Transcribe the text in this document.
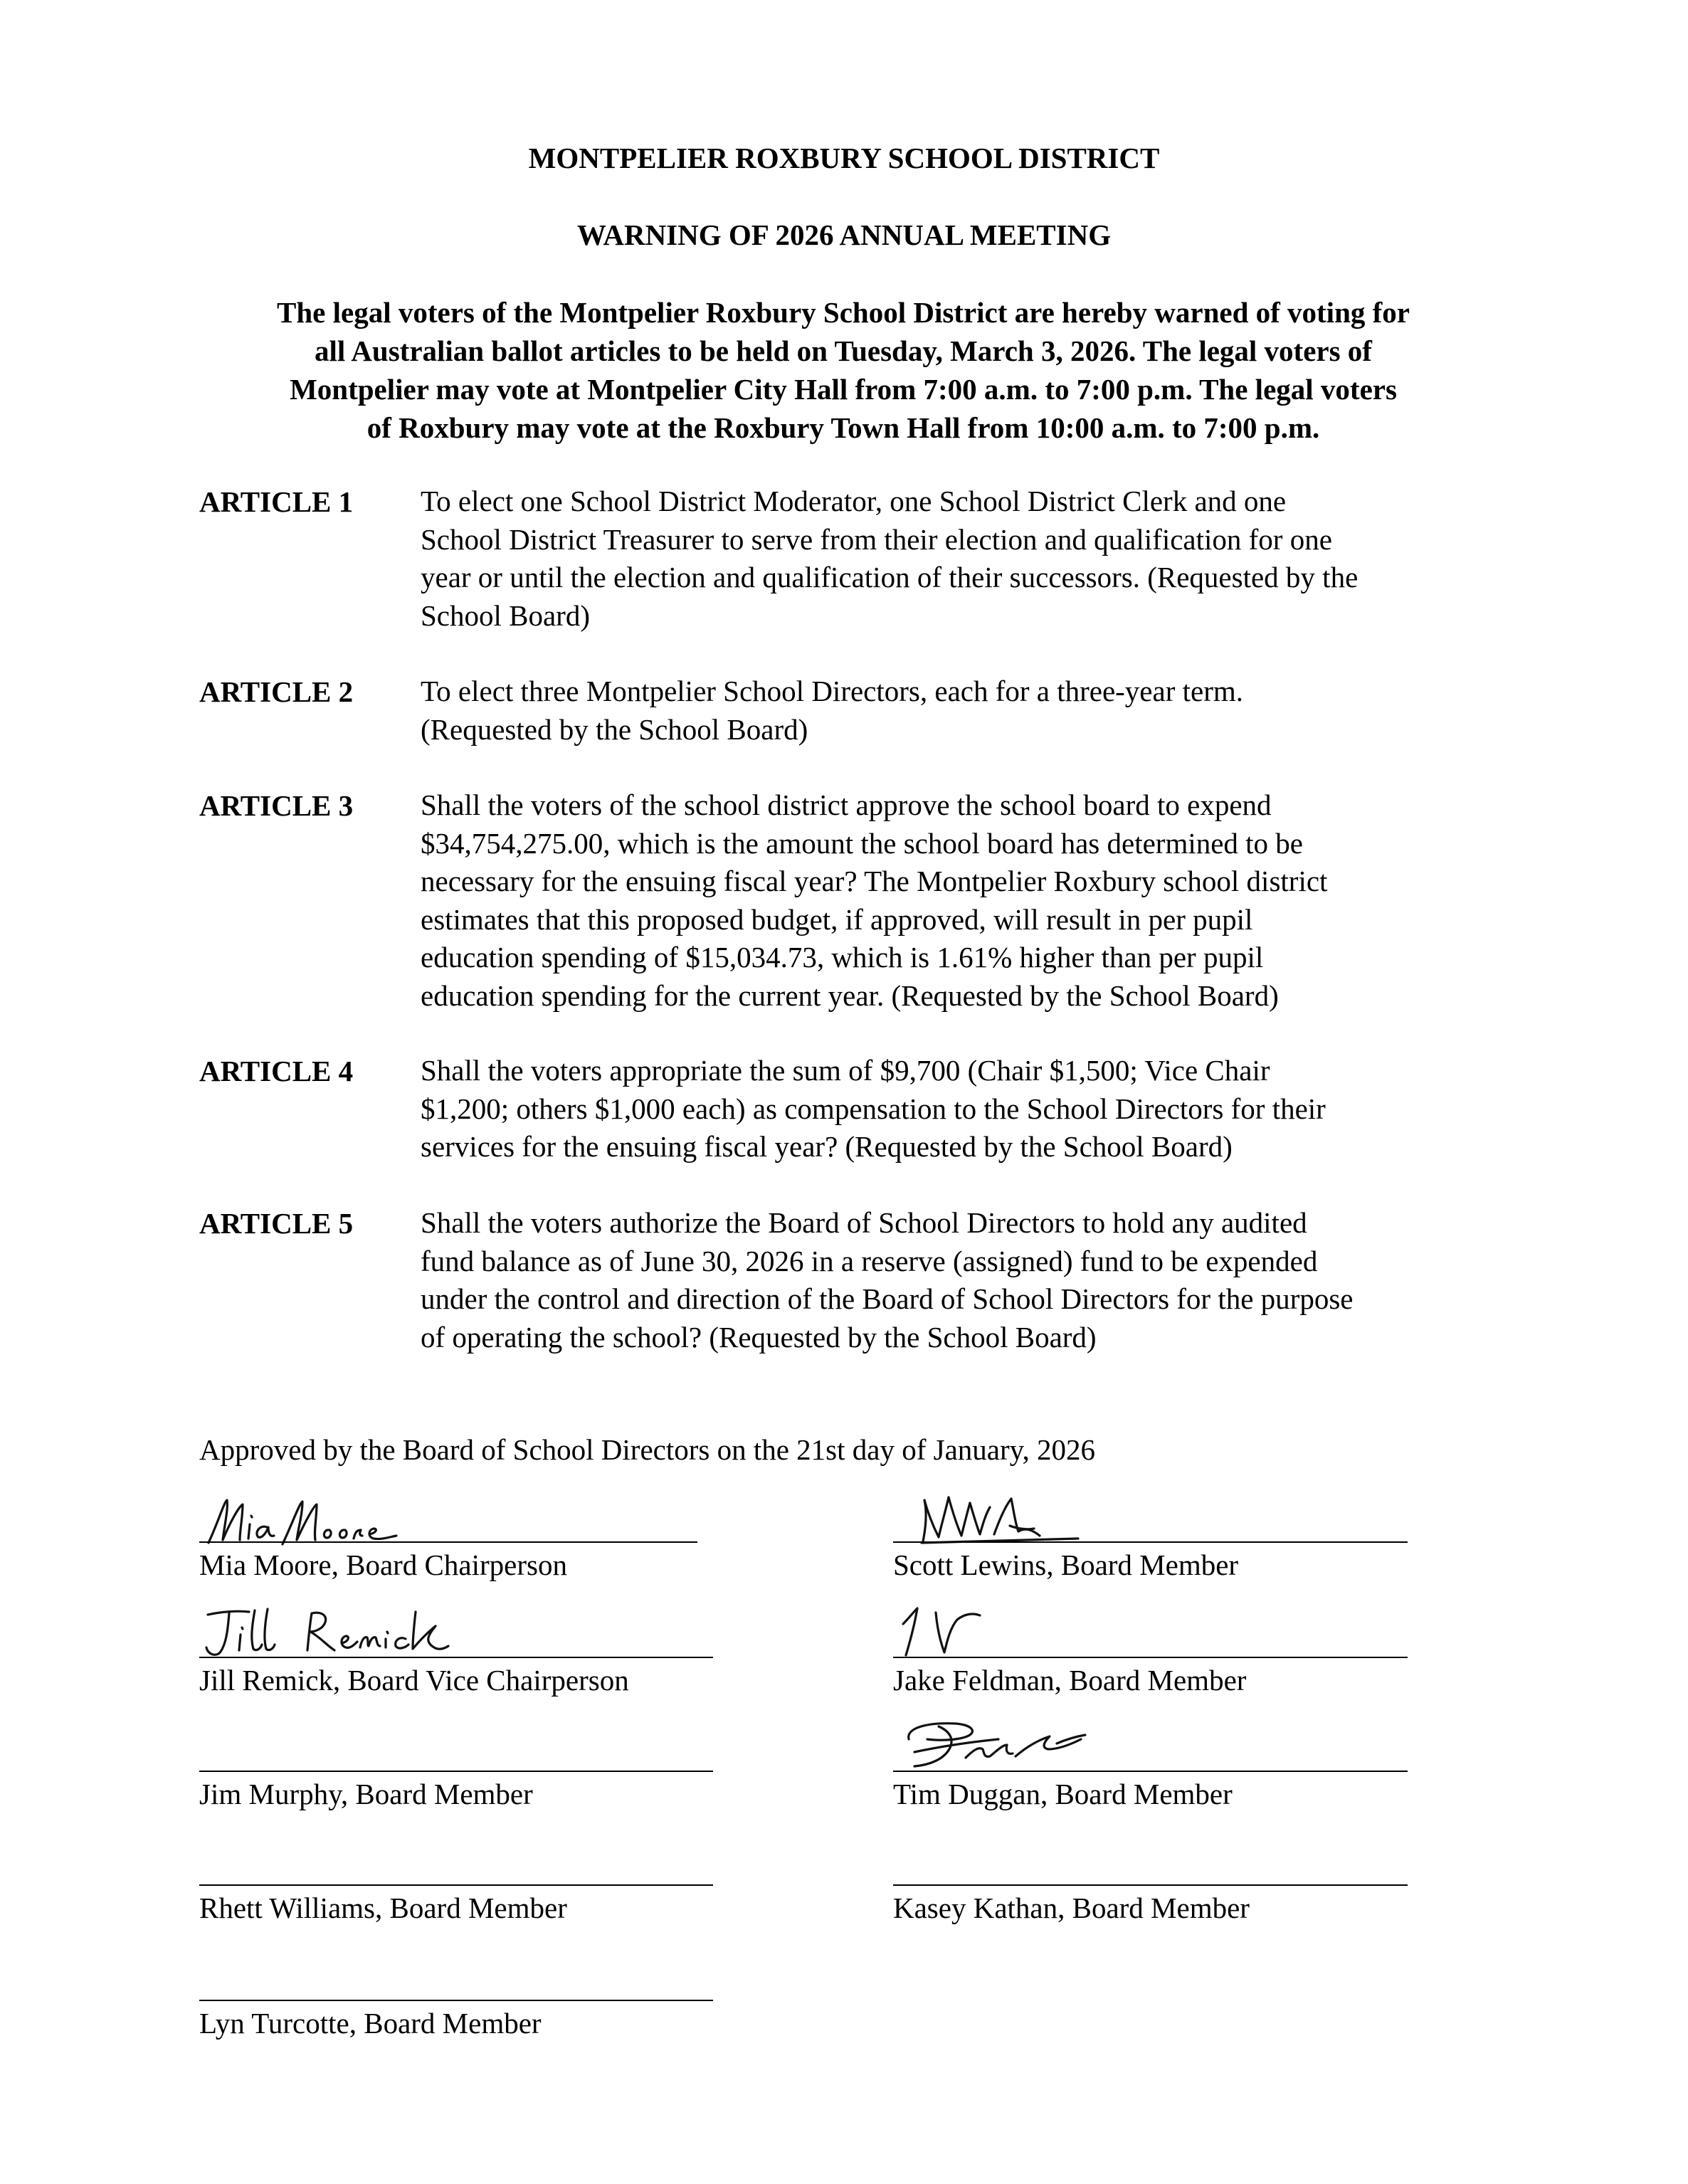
MONTPELIER ROXBURY SCHOOL DISTRICT
WARNING OF 2026 ANNUAL MEETING
The legal voters of the Montpelier Roxbury School District are hereby warned of voting for
all Australian ballot articles to be held on Tuesday, March 3, 2026. The legal voters of
Montpelier may vote at Montpelier City Hall from 7:00 a.m. to 7:00 p.m. The legal voters
of Roxbury may vote at the Roxbury Town Hall from 10:00 a.m. to 7:00 p.m.
ARTICLE 1 To elect one School District Moderator, one School District Clerk and one
School District Treasurer to serve from their election and qualification for one
year or until the election and qualification of their successors. (Requested by the
School Board)
ARTICLE 2 To elect three Montpelier School Directors, each for a three-year term.
(Requested by the School Board)
ARTICLE 3 Shall the voters of the school district approve the school board to expend
$34,754,275.00, which is the amount the school board has determined to be
necessary for the ensuing fiscal year? The Montpelier Roxbury school district
estimates that this proposed budget, if approved, will result in per pupil
education spending of $15,034.73, which is 1.61% higher than per pupil
education spending for the current year. (Requested by the School Board)
ARTICLE 4 Shall the voters appropriate the sum of $9,700 (Chair $1,500; Vice Chair
$1,200; others $1,000 each) as compensation to the School Directors for their
services for the ensuing fiscal year? (Requested by the School Board)
ARTICLE 5 Shall the voters authorize the Board of School Directors to hold any audited
fund balance as of June 30, 2026 in a reserve (assigned) fund to be expended
under the control and direction of the Board of School Directors for the purpose
of operating the school? (Requested by the School Board)
Approved by the Board of School Directors on the 21st day of January, 2026
Mia Moore, Board Chairperson	Scott Lewins, Board Member
Jill Remick, Board Vice Chairperson	Jake Feldman, Board Member
Jim Murphy, Board Member	Tim Duggan, Board Member
Rhett Williams, Board Member	Kasey Kathan, Board Member
Lyn Turcotte, Board Member
